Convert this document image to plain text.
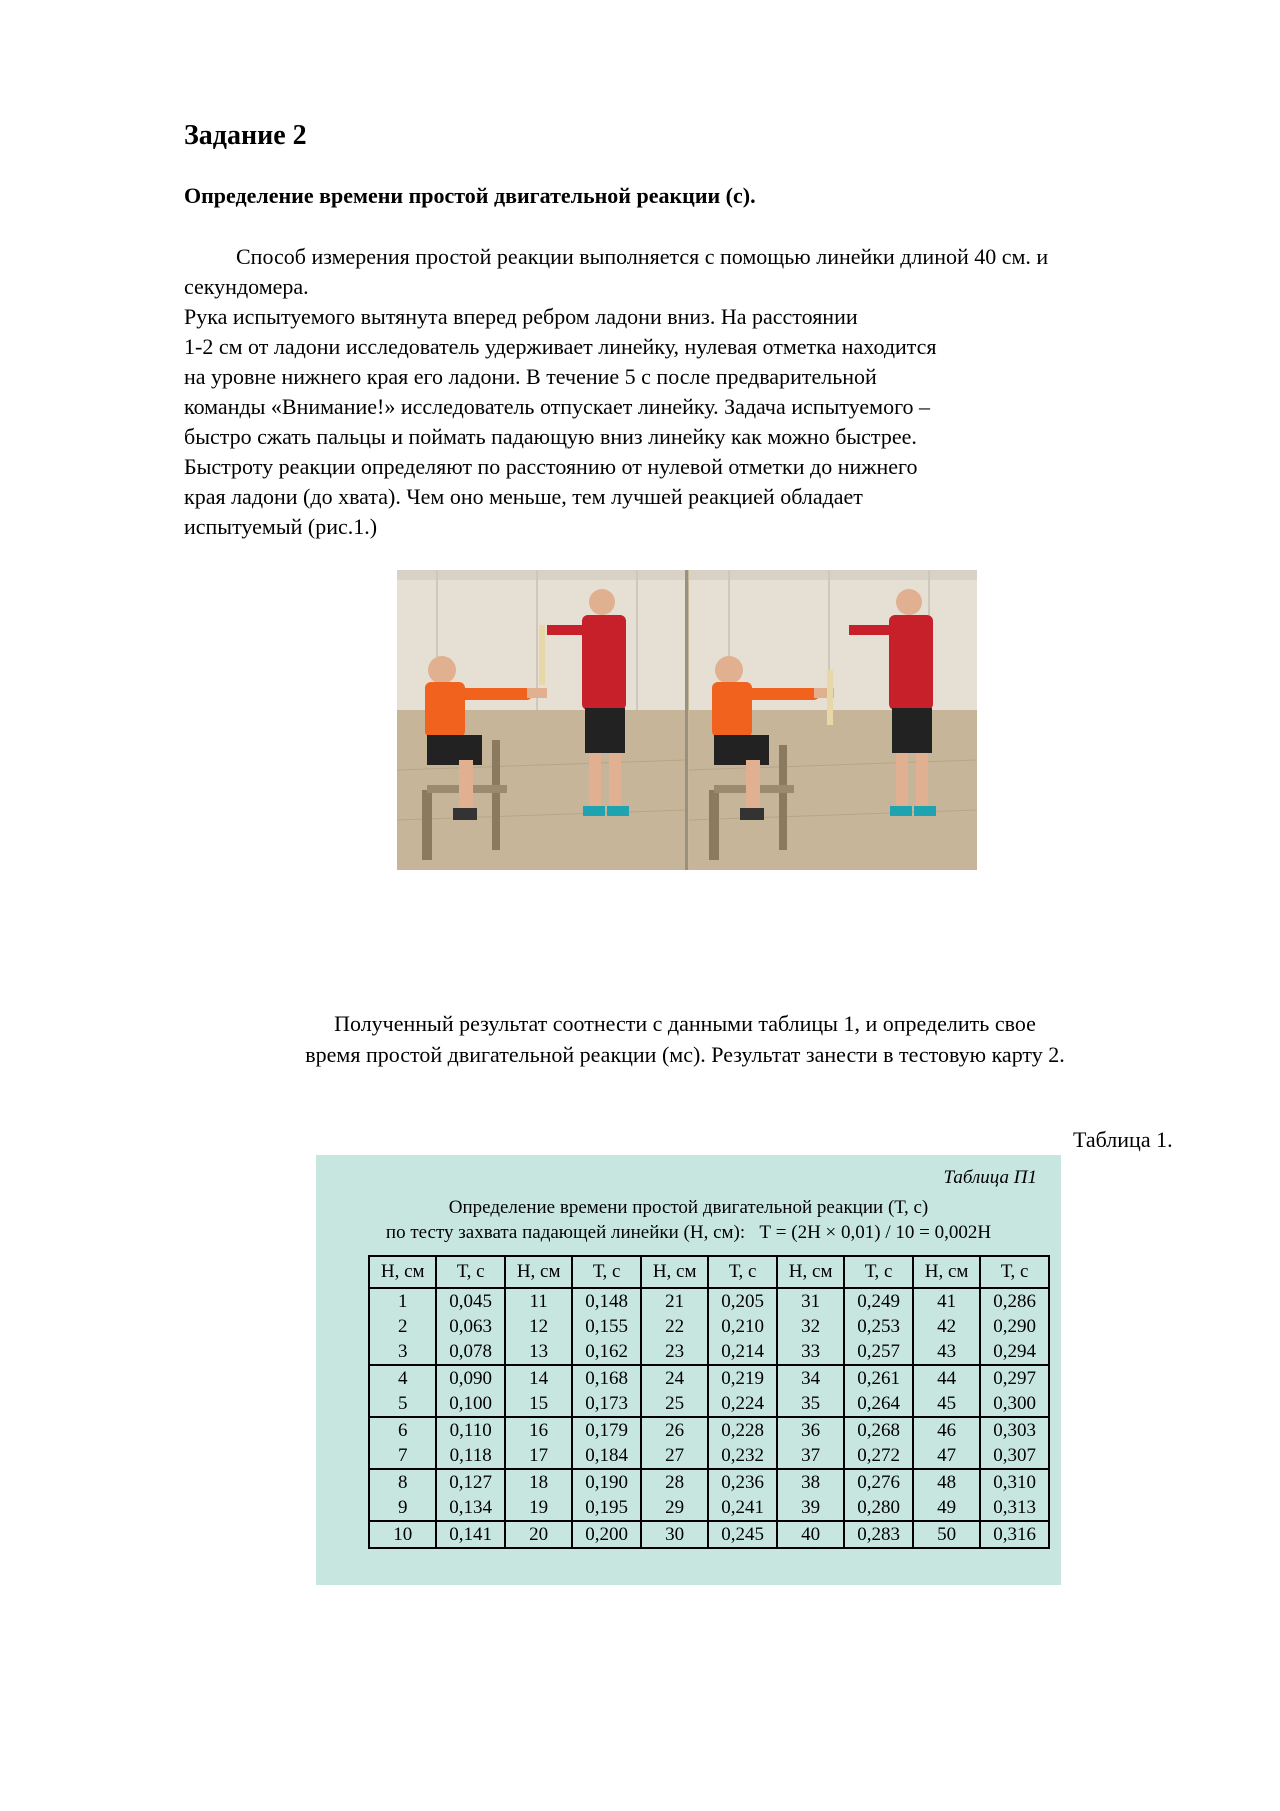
Задание 2

Определение времени простой двигательной реакции (с).

Способ измерения простой реакции выполняется с помощью линейки длиной 40 см. и
секундомера.
Рука испытуемого вытянута вперед ребром ладони вниз. На расстоянии
1-2 см от ладони исследователь удерживает линейку, нулевая отметка находится
на уровне нижнего края его ладони. В течение 5 с после предварительной
команды «Внимание!» исследователь отпускает линейку. Задача испытуемого –
быстро сжать пальцы и поймать падающую вниз линейку как можно быстрее.
Быстроту реакции определяют по расстоянию от нулевой отметки до нижнего
края ладони (до хвата). Чем оно меньше, тем лучшей реакцией обладает
испытуемый (рис.1.)
Полученный результат соотнести с данными таблицы 1, и определить свое
время простой двигательной реакции (мс). Результат занести в тестовую карту 2.
Таблица 1.
Таблица П1
Определение времени простой двигательной реакции (Т, с)
по тесту захвата падающей линейки (Н, см): Т = (2Н × 0,01) / 10 = 0,002Н
Н, см	Т, с	Н, см	Т, с	Н, см	Т, с	Н, см	Т, с	Н, см	Т, с
1	0,045	11	0,148	21	0,205	31	0,249	41	0,286
2	0,063	12	0,155	22	0,210	32	0,253	42	0,290
3	0,078	13	0,162	23	0,214	33	0,257	43	0,294
4	0,090	14	0,168	24	0,219	34	0,261	44	0,297
5	0,100	15	0,173	25	0,224	35	0,264	45	0,300
6	0,110	16	0,179	26	0,228	36	0,268	46	0,303
7	0,118	17	0,184	27	0,232	37	0,272	47	0,307
8	0,127	18	0,190	28	0,236	38	0,276	48	0,310
9	0,134	19	0,195	29	0,241	39	0,280	49	0,313
10	0,141	20	0,200	30	0,245	40	0,283	50	0,316
